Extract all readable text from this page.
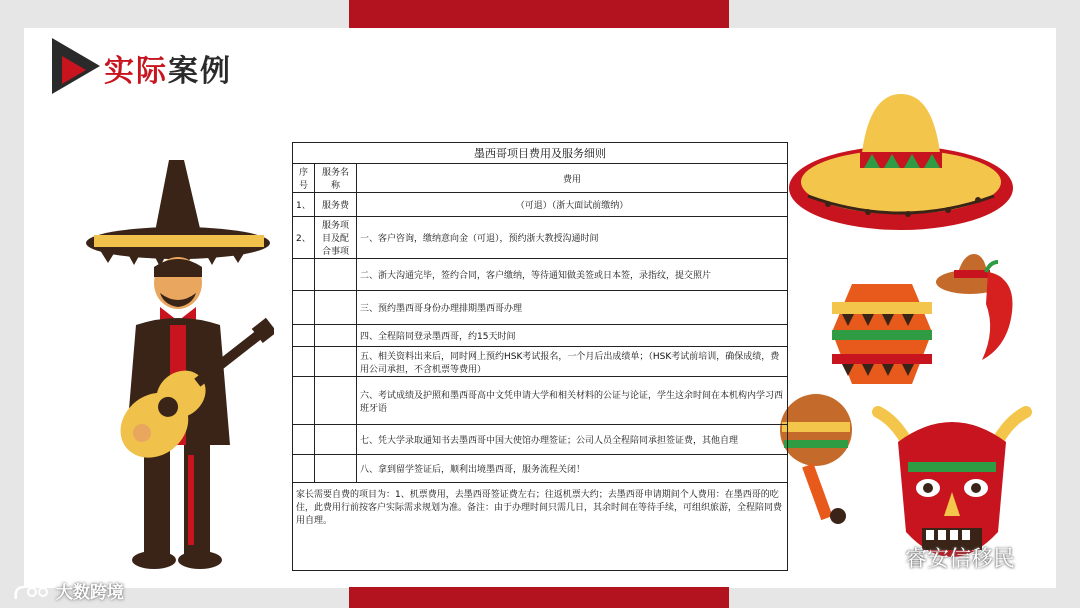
实际案例
墨西哥项目费用及服务细则		
序号	服务名称	费用
1、	服务费	（可退）（浙大面试前缴纳）
2、	服务项目及配合事项	一、客户咨询，缴纳意向金（可退），预约浙大教授沟通时间
		二、浙大沟通完毕，签约合同，客户缴纳，等待通知做美签或日本签，录指纹，提交照片
		三、预约墨西哥身份办理排期墨西哥办理
		四、全程陪同登录墨西哥，约15天时间
		五、相关资料出来后，同时网上预约HSK考试报名，一个月后出成绩单；（HSK考试前培训，确保成绩，费用公司承担，不含机票等费用）
		六、考试成绩及护照和墨西哥高中文凭申请大学和相关材料的公证与论证，学生这余时间在本机构内学习西班牙语
		七、凭大学录取通知书去墨西哥中国大使馆办理签证；公司人员全程陪同承担签证费，其他自理
		八、拿到留学签证后，顺利出境墨西哥，服务流程关闭！
家长需要自费的项目为：1、机票费用，去墨西哥签证费左右；往返机票大约；去墨西哥申请期间个人费用：在墨西哥的吃住，此费用行前按客户实际需求规划为准。备注：由于办理时间只需几日，其余时间在等待手续，可组织旅游，全程陪同费用自理。		
大数跨境
睿安信移民
